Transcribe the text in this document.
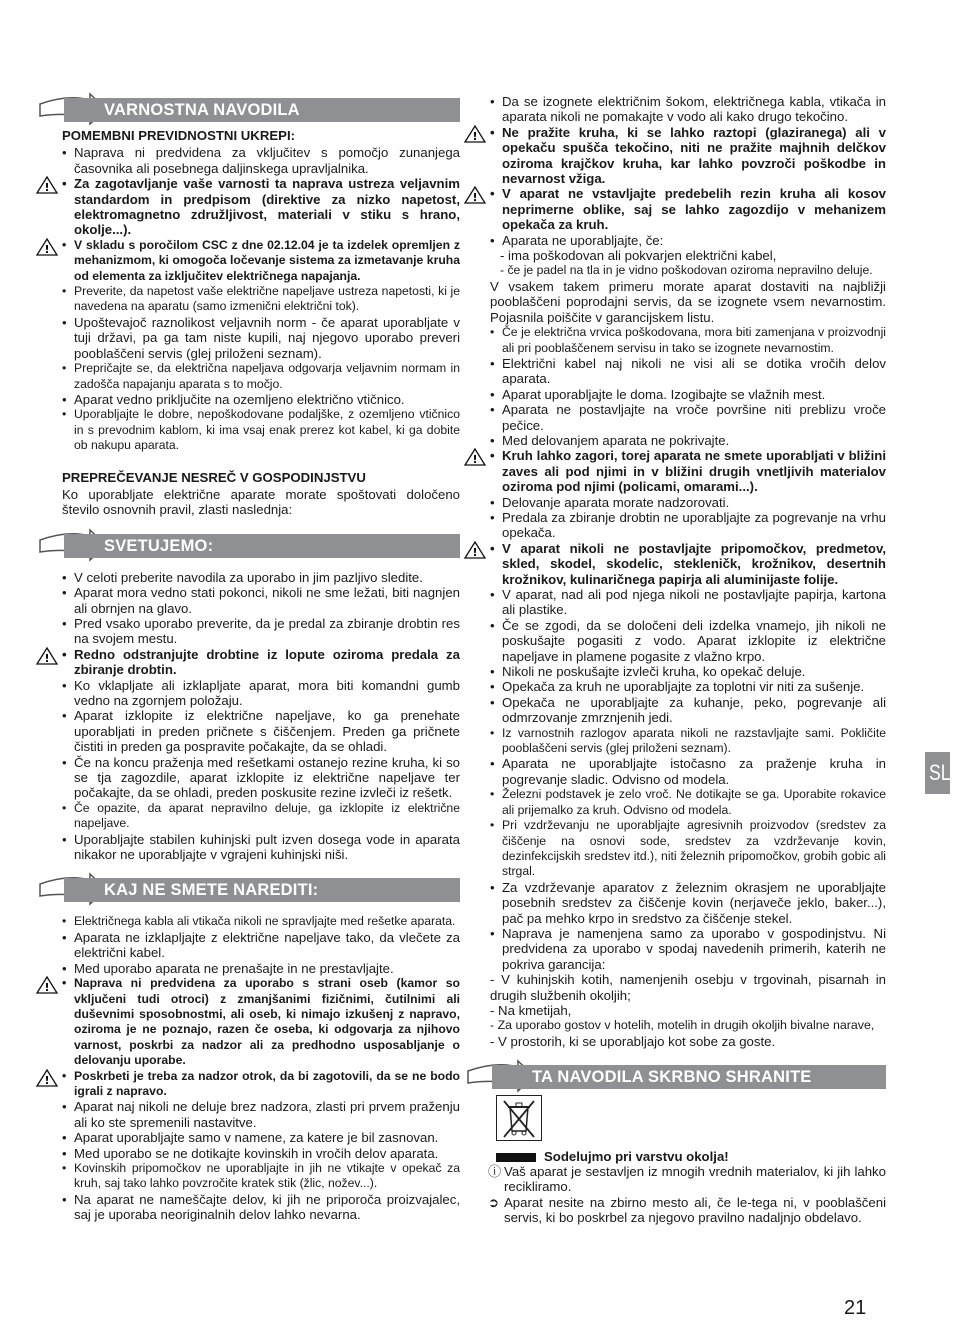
VARNOSTNA NAVODILA
POMEMBNI PREVIDNOSTNI UKREPI:
• Naprava ni predvidena za vključitev s pomočjo zunanjega časovnika ali posebnega daljinskega upravljalnika.
! • Za zagotavljanje vaše varnosti ta naprava ustreza veljavnim standardom in predpisom (direktive za nizko napetost, elektromagnetno združljivost, materiali v stiku s hrano, okolje...).
! • V skladu s poročilom CSC z dne 02.12.04 je ta izdelek opremljen z mehanizmom, ki omogoča ločevanje sistema za izmetavanje kruha od elementa za izključitev električnega napajanja.
• Preverite, da napetost vaše električne napeljave ustreza napetosti, ki je navedena na aparatu (samo izmenični električni tok).
• Upoštevajoč raznolikost veljavnih norm - če aparat uporabljate v tuji državi, pa ga tam niste kupili, naj njegovo uporabo preveri pooblaščeni servis (glej priloženi seznam).
• Prepričajte se, da električna napeljava odgovarja veljavnim normam in zadošča napajanju aparata s to močjo.
• Aparat vedno priključite na ozemljeno električno vtičnico.
• Uporabljajte le dobre, nepoškodovane podaljške, z ozemljeno vtičnico in s prevodnim kablom, ki ima vsaj enak prerez kot kabel, ki ga dobite ob nakupu aparata.
PREPREČEVANJE NESREČ V GOSPODINJSTVU
Ko uporabljate električne aparate morate spoštovati določeno število osnovnih pravil, zlasti naslednja:
SVETUJEMO:
• V celoti preberite navodila za uporabo in jim pazljivo sledite.
• Aparat mora vedno stati pokonci, nikoli ne sme ležati, biti nagnjen ali obrnjen na glavo.
• Pred vsako uporabo preverite, da je predal za zbiranje drobtin res na svojem mestu.
! • Redno odstranjujte drobtine iz lopute oziroma predala za zbiranje drobtin.
• Ko vklapljate ali izklapljate aparat, mora biti komandni gumb vedno na zgornjem položaju.
• Aparat izklopite iz električne napeljave, ko ga prenehate uporabljati in preden pričnete s čiščenjem. Preden ga pričnete čistiti in preden ga pospravite počakajte, da se ohladi.
• Če na koncu praženja med rešetkami ostanejo rezine kruha, ki so se tja zagozdile, aparat izklopite iz električne napeljave ter počakajte, da se ohladi, preden poskusite rezine izvleči iz rešetk.
• Če opazite, da aparat nepravilno deluje, ga izklopite iz električne napeljave.
• Uporabljajte stabilen kuhinjski pult izven dosega vode in aparata nikakor ne uporabljajte v vgrajeni kuhinjski niši.
KAJ NE SMETE NAREDITI:
• Električnega kabla ali vtikača nikoli ne spravljajte med rešetke aparata.
• Aparata ne izklapljajte z električne napeljave tako, da vlečete za električni kabel.
• Med uporabo aparata ne prenašajte in ne prestavljajte.
! • Naprava ni predvidena za uporabo s strani oseb (kamor so vključeni tudi otroci) z zmanjšanimi fizičnimi, čutilnimi ali duševnimi sposobnostmi, ali oseb, ki nimajo izkušenj z napravo, oziroma je ne poznajo, razen če oseba, ki odgovarja za njihovo varnost, poskrbi za nadzor ali za predhodno usposabljanje o delovanju uporabe.
! • Poskrbeti je treba za nadzor otrok, da bi zagotovili, da se ne bodo igrali z napravo.
• Aparat naj nikoli ne deluje brez nadzora, zlasti pri prvem praženju ali ko ste spremenili nastavitve.
• Aparat uporabljajte samo v namene, za katere je bil zasnovan.
• Med uporabo se ne dotikajte kovinskih in vročih delov aparata.
• Kovinskih pripomočkov ne uporabljajte in jih ne vtikajte v opekač za kruh, saj tako lahko povzročite kratek stik (žlic, nožev...).
• Na aparat ne nameščajte delov, ki jih ne priporoča proizvajalec, saj je uporaba neoriginalnih delov lahko nevarna.
• Da se izognete električnim šokom, električnega kabla, vtikača in aparata nikoli ne pomakajte v vodo ali kako drugo tekočino.
! • Ne pražite kruha, ki se lahko raztopi (glaziranega) ali v opekaču spušča tekočino, niti ne pražite majhnih delčkov oziroma krajčkov kruha, kar lahko povzroči poškodbe in nevarnost vžiga.
! • V aparat ne vstavljajte predebelih rezin kruha ali kosov neprimerne oblike, saj se lahko zagozdijo v mehanizem opekača za kruh.
• Aparata ne uporabljajte, če:
- ima poškodovan ali pokvarjen električni kabel,
- če je padel na tla in je vidno poškodovan oziroma nepravilno deluje.
V vsakem takem primeru morate aparat dostaviti na najbližji pooblaščeni poprodajni servis, da se izognete vsem nevarnostim. Pojasnila poiščite v garancijskem listu.
• Če je električna vrvica poškodovana, mora biti zamenjana v proizvodnji ali pri pooblaščenem servisu in tako se izognete nevarnostim.
• Električni kabel naj nikoli ne visi ali se dotika vročih delov aparata.
• Aparat uporabljajte le doma. Izogibajte se vlažnih mest.
• Aparata ne postavljajte na vroče površine niti preblizu vroče pečice.
• Med delovanjem aparata ne pokrivajte.
! • Kruh lahko zagori, torej aparata ne smete uporabljati v bližini zaves ali pod njimi in v bližini drugih vnetljivih materialov oziroma pod njimi (policami, omarami...).
• Delovanje aparata morate nadzorovati.
• Predala za zbiranje drobtin ne uporabljajte za pogrevanje na vrhu opekača.
! • V aparat nikoli ne postavljajte pripomočkov, predmetov, skled, skodel, skodelic, stekleničk, krožnikov, desertnih krožnikov, kulinaričnega papirja ali aluminijaste folije.
• V aparat, nad ali pod njega nikoli ne postavljajte papirja, kartona ali plastike.
• Če se zgodi, da se določeni deli izdelka vnamejo, jih nikoli ne poskušajte pogasiti z vodo. Aparat izklopite iz električne napeljave in plamene pogasite z vlažno krpo.
• Nikoli ne poskušajte izvleči kruha, ko opekač deluje.
• Opekača za kruh ne uporabljajte za toplotni vir niti za sušenje.
• Opekača ne uporabljajte za kuhanje, peko, pogrevanje ali odmrzovanje zmrznjenih jedi.
• Iz varnostnih razlogov aparata nikoli ne razstavljajte sami. Pokličite pooblaščeni servis (glej priloženi seznam).
• Aparata ne uporabljajte istočasno za praženje kruha in pogrevanje sladic. Odvisno od modela.
• Železni podstavek je zelo vroč. Ne dotikajte se ga. Uporabite rokavice ali prijemalko za kruh. Odvisno od modela.
• Pri vzdrževanju ne uporabljajte agresivnih proizvodov (sredstev za čiščenje na osnovi sode, sredstev za vzdrževanje kovin, dezinfekcijskih sredstev itd.), niti železnih pripomočkov, grobih gobic ali strgal.
• Za vzdrževanje aparatov z železnim okrasjem ne uporabljajte posebnih sredstev za čiščenje kovin (nerjaveče jeklo, baker...), pač pa mehko krpo in sredstvo za čiščenje stekel.
• Naprava je namenjena samo za uporabo v gospodinjstvu. Ni predvidena za uporabo v spodaj navedenih primerih, katerih ne pokriva garancija:
- V kuhinjskih kotih, namenjenih osebju v trgovinah, pisarnah in drugih službenih okoljih;
- Na kmetijah,
- Za uporabo gostov v hotelih, motelih in drugih okoljih bivalne narave,
- V prostorih, ki se uporabljajo kot sobe za goste.
TA NAVODILA SKRBNO SHRANITE
Sodelujmo pri varstvu okolja!
ⓘ Vaš aparat je sestavljen iz mnogih vrednih materialov, ki jih lahko recikliramo.
➲ Aparat nesite na zbirno mesto ali, če le-tega ni, v pooblaščeni servis, ki bo poskrbel za njegovo pravilno nadaljnjo obdelavo.
SLO
21
